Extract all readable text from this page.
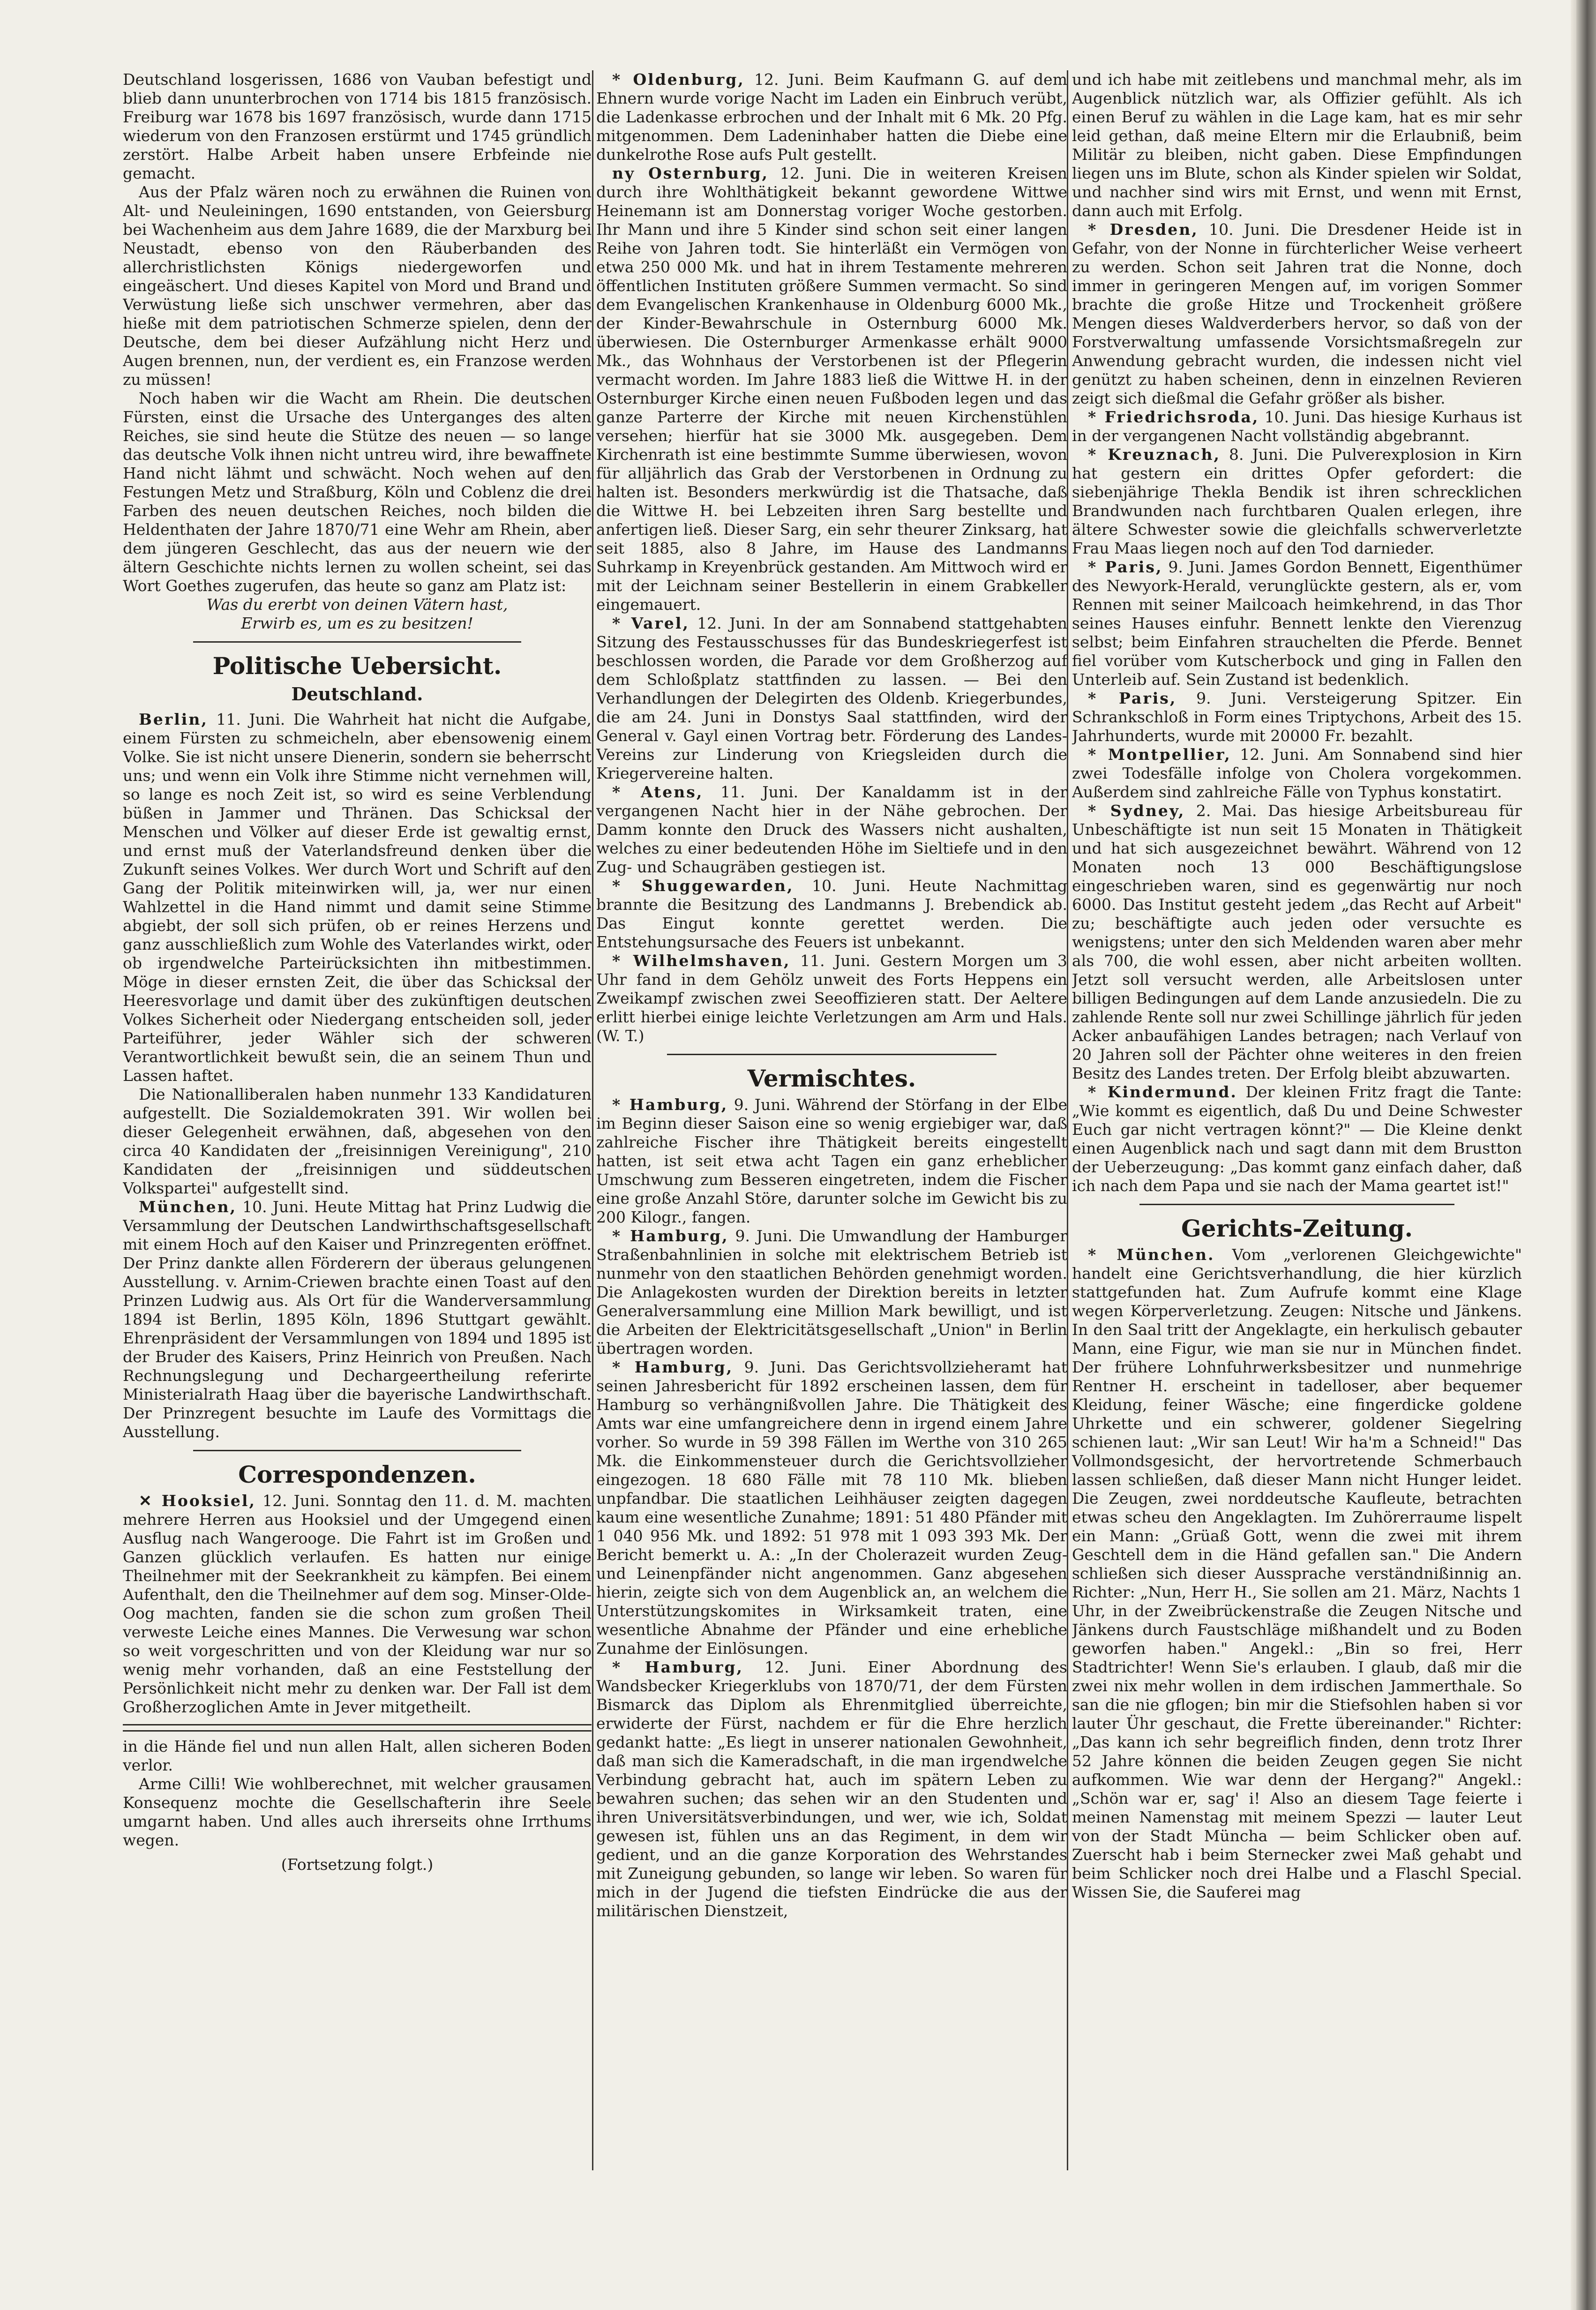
Deutschland losgerissen, 1686 von Vauban befestigt und blieb dann ununterbrochen von 1714 bis 1815 französisch. Freiburg war 1678 bis 1697 französisch, wurde dann 1715 wiederum von den Franzosen erstürmt und 1745 gründlich zerstört. Halbe Arbeit haben unsere Erbfeinde nie gemacht.

Aus der Pfalz wären noch zu erwähnen die Ruinen von Alt- und Neuleiningen, 1690 entstanden, von Geiersburg bei Wachenheim aus dem Jahre 1689, die der Marxburg bei Neustadt, ebenso von den Räuberbanden des allerchristlichsten Königs niedergeworfen und eingeäschert. Und dieses Kapitel von Mord und Brand und Verwüstung ließe sich unschwer vermehren, aber das hieße mit dem patriotischen Schmerze spielen, denn der Deutsche, dem bei dieser Aufzählung nicht Herz und Augen brennen, nun, der verdient es, ein Franzose werden zu müssen!

Noch haben wir die Wacht am Rhein. Die deutschen Fürsten, einst die Ursache des Unterganges des alten Reiches, sie sind heute die Stütze des neuen — so lange das deutsche Volk ihnen nicht untreu wird, ihre bewaffnete Hand nicht lähmt und schwächt. Noch wehen auf den Festungen Metz und Straßburg, Köln und Coblenz die drei Farben des neuen deutschen Reiches, noch bilden die Heldenthaten der Jahre 1870/71 eine Wehr am Rhein, aber dem jüngeren Geschlecht, das aus der neuern wie der ältern Geschichte nichts lernen zu wollen scheint, sei das Wort Goethes zugerufen, das heute so ganz am Platz ist:

Was du ererbt von deinen Vätern hast,

Erwirb es, um es zu besitzen!

Politische Uebersicht.
Deutschland.

Berlin, 11. Juni. Die Wahrheit hat nicht die Aufgabe, einem Fürsten zu schmeicheln, aber ebensowenig einem Volke. Sie ist nicht unsere Dienerin, sondern sie beherrscht uns; und wenn ein Volk ihre Stimme nicht vernehmen will, so lange es noch Zeit ist, so wird es seine Verblendung büßen in Jammer und Thränen. Das Schicksal der Menschen und Völker auf dieser Erde ist gewaltig ernst, und ernst muß der Vaterlandsfreund denken über die Zukunft seines Volkes. Wer durch Wort und Schrift auf den Gang der Politik miteinwirken will, ja, wer nur einen Wahlzettel in die Hand nimmt und damit seine Stimme abgiebt, der soll sich prüfen, ob er reines Herzens und ganz ausschließlich zum Wohle des Vaterlandes wirkt, oder ob irgendwelche Parteirücksichten ihn mitbestimmen. Möge in dieser ernsten Zeit, die über das Schicksal der Heeresvorlage und damit über des zukünftigen deutschen Volkes Sicherheit oder Niedergang entscheiden soll, jeder Parteiführer, jeder Wähler sich der schweren Verantwortlichkeit bewußt sein, die an seinem Thun und Lassen haftet.

Die Nationalliberalen haben nunmehr 133 Kandidaturen aufgestellt. Die Sozialdemokraten 391. Wir wollen bei dieser Gelegenheit erwähnen, daß, abgesehen von den circa 40 Kandidaten der „freisinnigen Vereinigung", 210 Kandidaten der „freisinnigen und süddeutschen Volkspartei" aufgestellt sind.

München, 10. Juni. Heute Mittag hat Prinz Ludwig die Versammlung der Deutschen Landwirthschaftsgesellschaft mit einem Hoch auf den Kaiser und Prinzregenten eröffnet. Der Prinz dankte allen Förderern der überaus gelungenen Ausstellung. v. Arnim-Criewen brachte einen Toast auf den Prinzen Ludwig aus. Als Ort für die Wanderversammlung 1894 ist Berlin, 1895 Köln, 1896 Stuttgart gewählt. Ehrenpräsident der Versammlungen von 1894 und 1895 ist der Bruder des Kaisers, Prinz Heinrich von Preußen. Nach Rechnungslegung und Dechargeertheilung referirte Ministerialrath Haag über die bayerische Landwirthschaft. Der Prinzregent besuchte im Laufe des Vormittags die Ausstellung.

Correspondenzen.

✕ Hooksiel, 12. Juni. Sonntag den 11. d. M. machten mehrere Herren aus Hooksiel und der Umgegend einen Ausflug nach Wangerooge. Die Fahrt ist im Großen und Ganzen glücklich verlaufen. Es hatten nur einige Theilnehmer mit der Seekrankheit zu kämpfen. Bei einem Aufenthalt, den die Theilnehmer auf dem sog. Minser-Olde-Oog machten, fanden sie die schon zum großen Theil verweste Leiche eines Mannes. Die Verwesung war schon so weit vorgeschritten und von der Kleidung war nur so wenig mehr vorhanden, daß an eine Feststellung der Persönlichkeit nicht mehr zu denken war. Der Fall ist dem Großherzoglichen Amte in Jever mitgetheilt.

in die Hände fiel und nun allen Halt, allen sicheren Boden verlor.

Arme Cilli! Wie wohlberechnet, mit welcher grausamen Konsequenz mochte die Gesellschafterin ihre Seele umgarnt haben. Und alles auch ihrerseits ohne Irrthums wegen.

(Fortsetzung folgt.)

* Oldenburg, 12. Juni. Beim Kaufmann G. auf dem Ehnern wurde vorige Nacht im Laden ein Einbruch verübt, die Ladenkasse erbrochen und der Inhalt mit 6 Mk. 20 Pfg. mitgenommen. Dem Ladeninhaber hatten die Diebe eine dunkelrothe Rose aufs Pult gestellt.

ny Osternburg, 12. Juni. Die in weiteren Kreisen durch ihre Wohlthätigkeit bekannt gewordene Wittwe Heinemann ist am Donnerstag voriger Woche gestorben. Ihr Mann und ihre 5 Kinder sind schon seit einer langen Reihe von Jahren todt. Sie hinterläßt ein Vermögen von etwa 250 000 Mk. und hat in ihrem Testamente mehreren öffentlichen Instituten größere Summen vermacht. So sind dem Evangelischen Krankenhause in Oldenburg 6000 Mk., der Kinder-Bewahrschule in Osternburg 6000 Mk. überwiesen. Die Osternburger Armenkasse erhält 9000 Mk., das Wohnhaus der Verstorbenen ist der Pflegerin vermacht worden. Im Jahre 1883 ließ die Wittwe H. in der Osternburger Kirche einen neuen Fußboden legen und das ganze Parterre der Kirche mit neuen Kirchenstühlen versehen; hierfür hat sie 3000 Mk. ausgegeben. Dem Kirchenrath ist eine bestimmte Summe überwiesen, wovon für alljährlich das Grab der Verstorbenen in Ordnung zu halten ist. Besonders merkwürdig ist die Thatsache, daß die Wittwe H. bei Lebzeiten ihren Sarg bestellte und anfertigen ließ. Dieser Sarg, ein sehr theurer Zinksarg, hat seit 1885, also 8 Jahre, im Hause des Landmanns Suhrkamp in Kreyenbrück gestanden. Am Mittwoch wird er mit der Leichnam seiner Bestellerin in einem Grabkeller eingemauert.

* Varel, 12. Juni. In der am Sonnabend stattgehabten Sitzung des Festausschusses für das Bundeskriegerfest ist beschlossen worden, die Parade vor dem Großherzog auf dem Schloßplatz stattfinden zu lassen. — Bei den Verhandlungen der Delegirten des Oldenb. Kriegerbundes, die am 24. Juni in Donstys Saal stattfinden, wird der General v. Gayl einen Vortrag betr. Förderung des Landes-Vereins zur Linderung von Kriegsleiden durch die Kriegervereine halten.

* Atens, 11. Juni. Der Kanaldamm ist in der vergangenen Nacht hier in der Nähe gebrochen. Der Damm konnte den Druck des Wassers nicht aushalten, welches zu einer bedeutenden Höhe im Sieltiefe und in den Zug- und Schaugräben gestiegen ist.

* Shuggewarden, 10. Juni. Heute Nachmittag brannte die Besitzung des Landmanns J. Brebendick ab. Das Eingut konnte gerettet werden. Die Entstehungsursache des Feuers ist unbekannt.

* Wilhelmshaven, 11. Juni. Gestern Morgen um 3 Uhr fand in dem Gehölz unweit des Forts Heppens ein Zweikampf zwischen zwei Seeoffizieren statt. Der Aeltere erlitt hierbei einige leichte Verletzungen am Arm und Hals. (W. T.)

Vermischtes.

* Hamburg, 9. Juni. Während der Störfang in der Elbe im Beginn dieser Saison eine so wenig ergiebiger war, daß zahlreiche Fischer ihre Thätigkeit bereits eingestellt hatten, ist seit etwa acht Tagen ein ganz erheblicher Umschwung zum Besseren eingetreten, indem die Fischer eine große Anzahl Störe, darunter solche im Gewicht bis zu 200 Kilogr., fangen.

* Hamburg, 9. Juni. Die Umwandlung der Hamburger Straßenbahnlinien in solche mit elektrischem Betrieb ist nunmehr von den staatlichen Behörden genehmigt worden. Die Anlagekosten wurden der Direktion bereits in letzter Generalversammlung eine Million Mark bewilligt, und ist die Arbeiten der Elektricitätsgesellschaft „Union" in Berlin übertragen worden.

* Hamburg, 9. Juni. Das Gerichtsvollzieheramt hat seinen Jahresbericht für 1892 erscheinen lassen, dem für Hamburg so verhängnißvollen Jahre. Die Thätigkeit des Amts war eine umfangreichere denn in irgend einem Jahre vorher. So wurde in 59 398 Fällen im Werthe von 310 265 Mk. die Einkommensteuer durch die Gerichtsvollzieher eingezogen. 18 680 Fälle mit 78 110 Mk. blieben unpfandbar. Die staatlichen Leihhäuser zeigten dagegen kaum eine wesentliche Zunahme; 1891: 51 480 Pfänder mit 1 040 956 Mk. und 1892: 51 978 mit 1 093 393 Mk. Der Bericht bemerkt u. A.: „In der Cholerazeit wurden Zeug- und Leinenpfänder nicht angenommen. Ganz abgesehen hierin, zeigte sich von dem Augenblick an, an welchem die Unterstützungskomites in Wirksamkeit traten, eine wesentliche Abnahme der Pfänder und eine erhebliche Zunahme der Einlösungen.

* Hamburg, 12. Juni. Einer Abordnung des Wandsbecker Kriegerklubs von 1870/71, der dem Fürsten Bismarck das Diplom als Ehrenmitglied überreichte, erwiderte der Fürst, nachdem er für die Ehre herzlich gedankt hatte: „Es liegt in unserer nationalen Gewohnheit, daß man sich die Kameradschaft, in die man irgendwelche Verbindung gebracht hat, auch im spätern Leben zu bewahren suchen; das sehen wir an den Studenten und ihren Universitätsverbindungen, und wer, wie ich, Soldat gewesen ist, fühlen uns an das Regiment, in dem wir gedient, und an die ganze Korporation des Wehrstandes mit Zuneigung gebunden, so lange wir leben. So waren für mich in der Jugend die tiefsten Eindrücke die aus der militärischen Dienstzeit,

und ich habe mit zeitlebens und manchmal mehr, als im Augenblick nützlich war, als Offizier gefühlt. Als ich einen Beruf zu wählen in die Lage kam, hat es mir sehr leid gethan, daß meine Eltern mir die Erlaubniß, beim Militär zu bleiben, nicht gaben. Diese Empfindungen liegen uns im Blute, schon als Kinder spielen wir Soldat, und nachher sind wirs mit Ernst, und wenn mit Ernst, dann auch mit Erfolg.

* Dresden, 10. Juni. Die Dresdener Heide ist in Gefahr, von der Nonne in fürchterlicher Weise verheert zu werden. Schon seit Jahren trat die Nonne, doch immer in geringeren Mengen auf, im vorigen Sommer brachte die große Hitze und Trockenheit größere Mengen dieses Waldverderbers hervor, so daß von der Forstverwaltung umfassende Vorsichtsmaßregeln zur Anwendung gebracht wurden, die indessen nicht viel genützt zu haben scheinen, denn in einzelnen Revieren zeigt sich dießmal die Gefahr größer als bisher.

* Friedrichsroda, 10. Juni. Das hiesige Kurhaus ist in der vergangenen Nacht vollständig abgebrannt.

* Kreuznach, 8. Juni. Die Pulverexplosion in Kirn hat gestern ein drittes Opfer gefordert: die siebenjährige Thekla Bendik ist ihren schrecklichen Brandwunden nach furchtbaren Qualen erlegen, ihre ältere Schwester sowie die gleichfalls schwerverletzte Frau Maas liegen noch auf den Tod darnieder.

* Paris, 9. Juni. James Gordon Bennett, Eigenthümer des Newyork-Herald, verunglückte gestern, als er, vom Rennen mit seiner Mailcoach heimkehrend, in das Thor seines Hauses einfuhr. Bennett lenkte den Vierenzug selbst; beim Einfahren strauchelten die Pferde. Bennet fiel vorüber vom Kutscherbock und ging in Fallen den Unterleib auf. Sein Zustand ist bedenklich.

* Paris, 9. Juni. Versteigerung Spitzer. Ein Schrankschloß in Form eines Triptychons, Arbeit des 15. Jahrhunderts, wurde mit 20000 Fr. bezahlt.

* Montpellier, 12. Juni. Am Sonnabend sind hier zwei Todesfälle infolge von Cholera vorgekommen. Außerdem sind zahlreiche Fälle von Typhus konstatirt.

* Sydney, 2. Mai. Das hiesige Arbeitsbureau für Unbeschäftigte ist nun seit 15 Monaten in Thätigkeit und hat sich ausgezeichnet bewährt. Während von 12 Monaten noch 13 000 Beschäftigungslose eingeschrieben waren, sind es gegenwärtig nur noch 6000. Das Institut gesteht jedem „das Recht auf Arbeit" zu; beschäftigte auch jeden oder versuchte es wenigstens; unter den sich Meldenden waren aber mehr als 700, die wohl essen, aber nicht arbeiten wollten. Jetzt soll versucht werden, alle Arbeitslosen unter billigen Bedingungen auf dem Lande anzusiedeln. Die zu zahlende Rente soll nur zwei Schillinge jährlich für jeden Acker anbaufähigen Landes betragen; nach Verlauf von 20 Jahren soll der Pächter ohne weiteres in den freien Besitz des Landes treten. Der Erfolg bleibt abzuwarten.

* Kindermund. Der kleinen Fritz fragt die Tante: „Wie kommt es eigentlich, daß Du und Deine Schwester Euch gar nicht vertragen könnt?" — Die Kleine denkt einen Augenblick nach und sagt dann mit dem Brustton der Ueberzeugung: „Das kommt ganz einfach daher, daß ich nach dem Papa und sie nach der Mama geartet ist!"

Gerichts-Zeitung.

* München. Vom „verlorenen Gleichgewichte" handelt eine Gerichtsverhandlung, die hier kürzlich stattgefunden hat. Zum Aufrufe kommt eine Klage wegen Körperverletzung. Zeugen: Nitsche und Jänkens. In den Saal tritt der Angeklagte, ein herkulisch gebauter Mann, eine Figur, wie man sie nur in München findet. Der frühere Lohnfuhrwerksbesitzer und nunmehrige Rentner H. erscheint in tadelloser, aber bequemer Kleidung, feiner Wäsche; eine fingerdicke goldene Uhrkette und ein schwerer, goldener Siegelring schienen laut: „Wir san Leut! Wir ha'm a Schneid!" Das Vollmondsgesicht, der hervortretende Schmerbauch lassen schließen, daß dieser Mann nicht Hunger leidet. Die Zeugen, zwei norddeutsche Kaufleute, betrachten etwas scheu den Angeklagten. Im Zuhörerraume lispelt ein Mann: „Grüaß Gott, wenn die zwei mit ihrem Geschtell dem in die Händ gefallen san." Die Andern schließen sich dieser Aussprache verständnißinnig an. Richter: „Nun, Herr H., Sie sollen am 21. März, Nachts 1 Uhr, in der Zweibrückenstraße die Zeugen Nitsche und Jänkens durch Faustschläge mißhandelt und zu Boden geworfen haben." Angekl.: „Bin so frei, Herr Stadtrichter! Wenn Sie's erlauben. I glaub, daß mir die zwei nix mehr wollen in dem irdischen Jammerthale. So san die nie gflogen; bin mir die Stiefsohlen haben si vor lauter Ühr geschaut, die Frette übereinander." Richter: „Das kann ich sehr begreiflich finden, denn trotz Ihrer 52 Jahre können die beiden Zeugen gegen Sie nicht aufkommen. Wie war denn der Hergang?" Angekl.: „Schön war er, sag' i! Also an diesem Tage feierte i meinen Namenstag mit meinem Spezzi — lauter Leut von der Stadt Müncha — beim Schlicker oben auf. Zuerscht hab i beim Sternecker zwei Maß gehabt und beim Schlicker noch drei Halbe und a Flaschl Special. Wissen Sie, die Sauferei mag
